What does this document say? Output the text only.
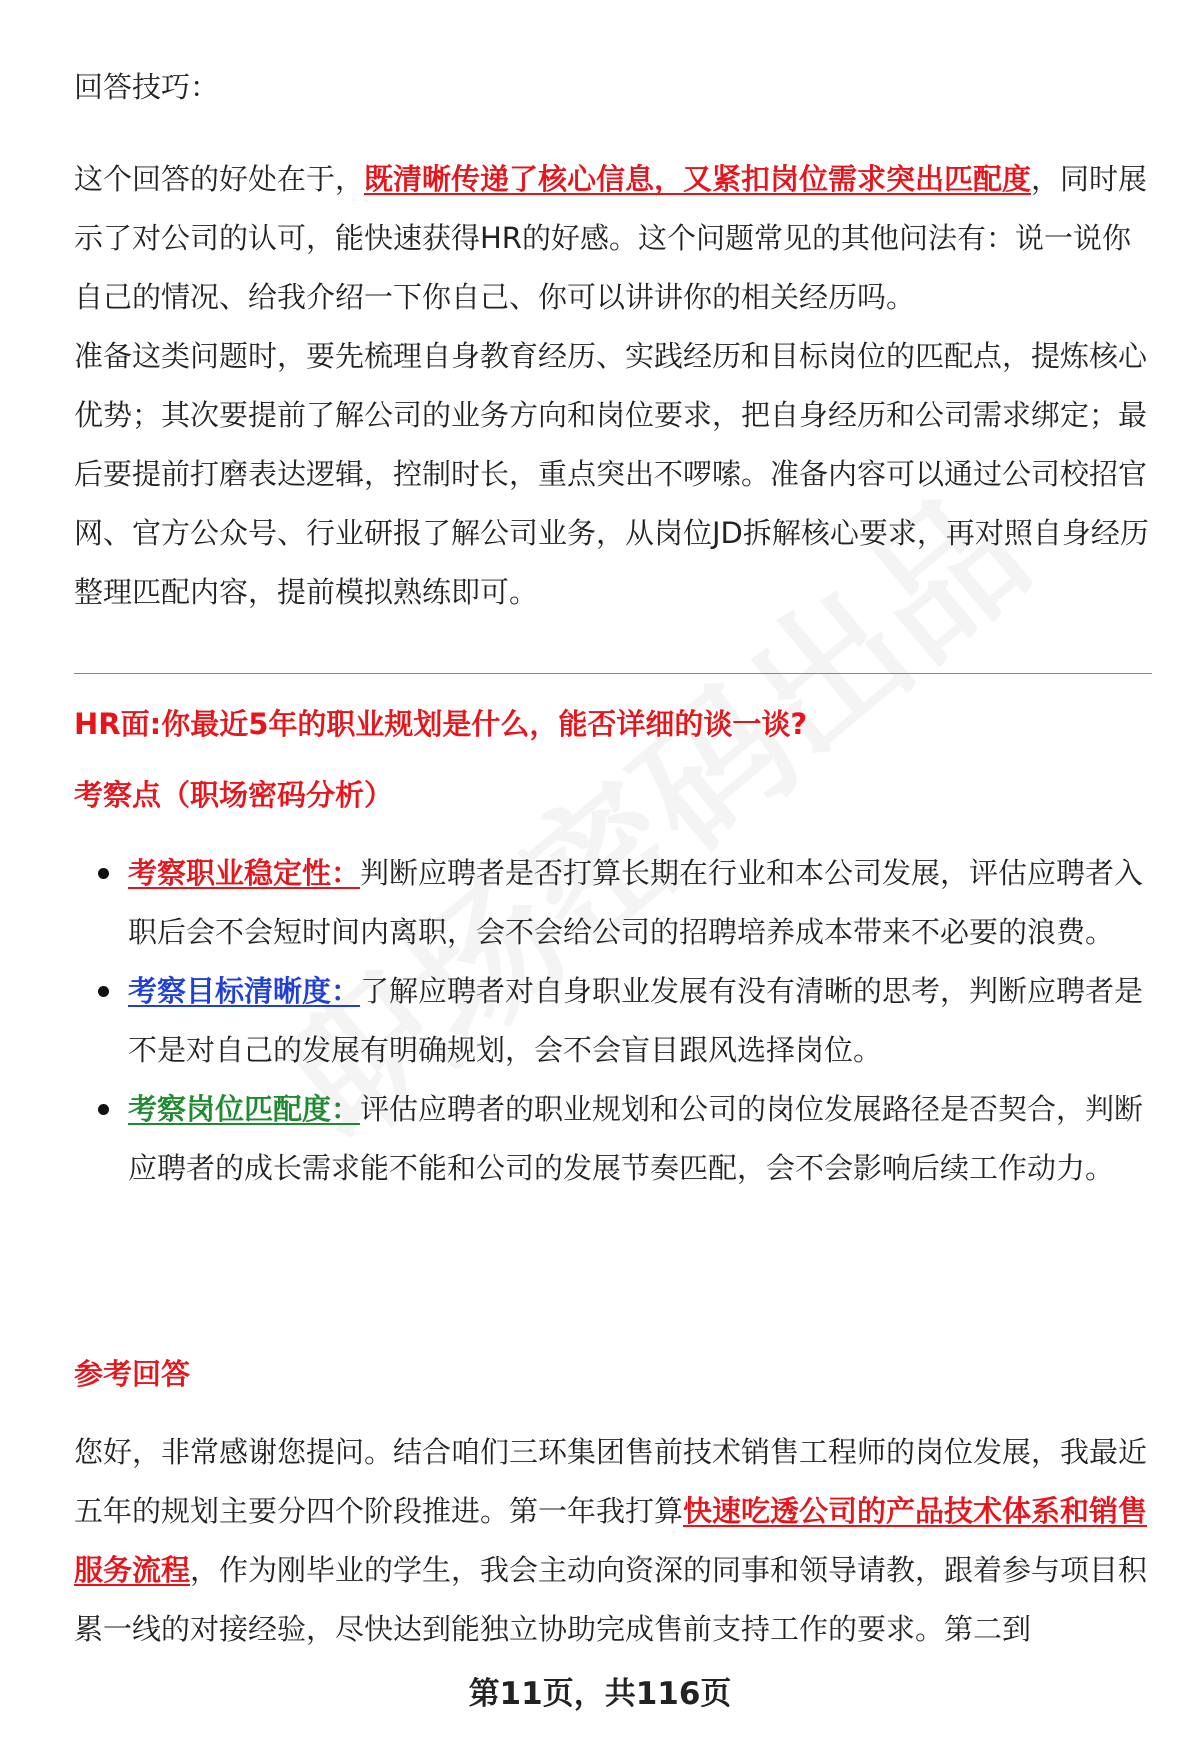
回答技巧：

这个回答的好处在于，既清晰传递了核心信息，又紧扣岗位需求突出匹配度，同时展示了对公司的认可，能快速获得HR的好感。这个问题常见的其他问法有：说一说你自己的情况、给我介绍一下你自己、你可以讲讲你的相关经历吗。

准备这类问题时，要先梳理自身教育经历、实践经历和目标岗位的匹配点，提炼核心优势；其次要提前了解公司的业务方向和岗位要求，把自身经历和公司需求绑定；最后要提前打磨表达逻辑，控制时长，重点突出不啰嗦。准备内容可以通过公司校招官网、官方公众号、行业研报了解公司业务，从岗位JD拆解核心要求，再对照自身经历整理匹配内容，提前模拟熟练即可。

HR面:你最近5年的职业规划是什么，能否详细的谈一谈?

考察点（职场密码分析）

考察职业稳定性：判断应聘者是否打算长期在行业和本公司发展，评估应聘者入职后会不会短时间内离职，会不会给公司的招聘培养成本带来不必要的浪费。
考察目标清晰度：了解应聘者对自身职业发展有没有清晰的思考，判断应聘者是不是对自己的发展有明确规划，会不会盲目跟风选择岗位。
考察岗位匹配度：评估应聘者的职业规划和公司的岗位发展路径是否契合，判断应聘者的成长需求能不能和公司的发展节奏匹配，会不会影响后续工作动力。

参考回答

您好，非常感谢您提问。结合咱们三环集团售前技术销售工程师的岗位发展，我最近五年的规划主要分四个阶段推进。第一年我打算快速吃透公司的产品技术体系和销售服务流程，作为刚毕业的学生，我会主动向资深的同事和领导请教，跟着参与项目积累一线的对接经验，尽快达到能独立协助完成售前支持工作的要求。第二到

第11页，共116页
